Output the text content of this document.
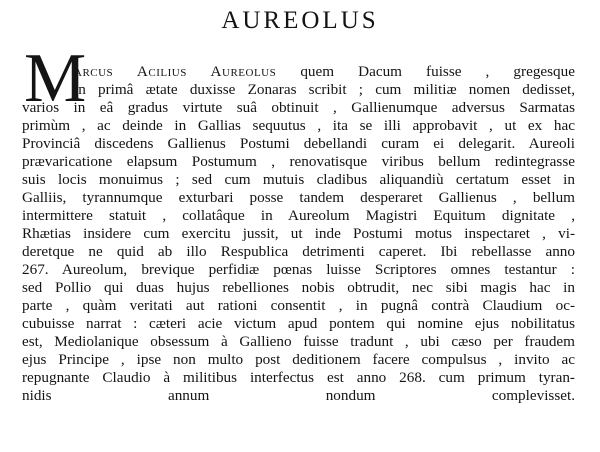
AUREOLUS
M
arcus Acilius Aureolus quem Dacum fuisse , gregesque
in primâ ætate duxisse Zonaras scribit ; cum militiæ nomen dedisset,
varios in eâ gradus virtute suâ obtinuit , Gallienumque adversus Sarmatas
primùm , ac deinde in Gallias sequutus , ita se illi approbavit , ut ex hac
Provinciâ discedens Gallienus Postumi debellandi curam ei delegarit. Aureoli
prævaricatione elapsum Postumum , renovatisque viribus bellum redintegrasse
suis locis monuimus ; sed cum mutuis cladibus aliquandiù certatum esset in
Galliis, tyrannumque exturbari posse tandem desperaret Gallienus , bellum
intermittere statuit , collatâque in Aureolum Magistri Equitum dignitate ,
Rhætias insidere cum exercitu jussit, ut inde Postumi motus inspectaret , vi-
deretque ne quid ab illo Respublica detrimenti caperet. Ibi rebellasse anno
267. Aureolum, brevique perfidiæ pœnas luisse Scriptores omnes testantur :
sed Pollio qui duas hujus rebelliones nobis obtrudit, nec sibi magis hac in
parte , quàm veritati aut rationi consentit , in pugnâ contrà Claudium oc-
cubuisse narrat : cæteri acie victum apud pontem qui nomine ejus nobilitatus
est, Mediolanique obsessum à Gallieno fuisse tradunt , ubi cæso per fraudem
ejus Principe , ipse non multo post deditionem facere compulsus , invito ac
repugnante Claudio à militibus interfectus est anno 268. cum primum tyran-
nidis annum nondum complevisset.
